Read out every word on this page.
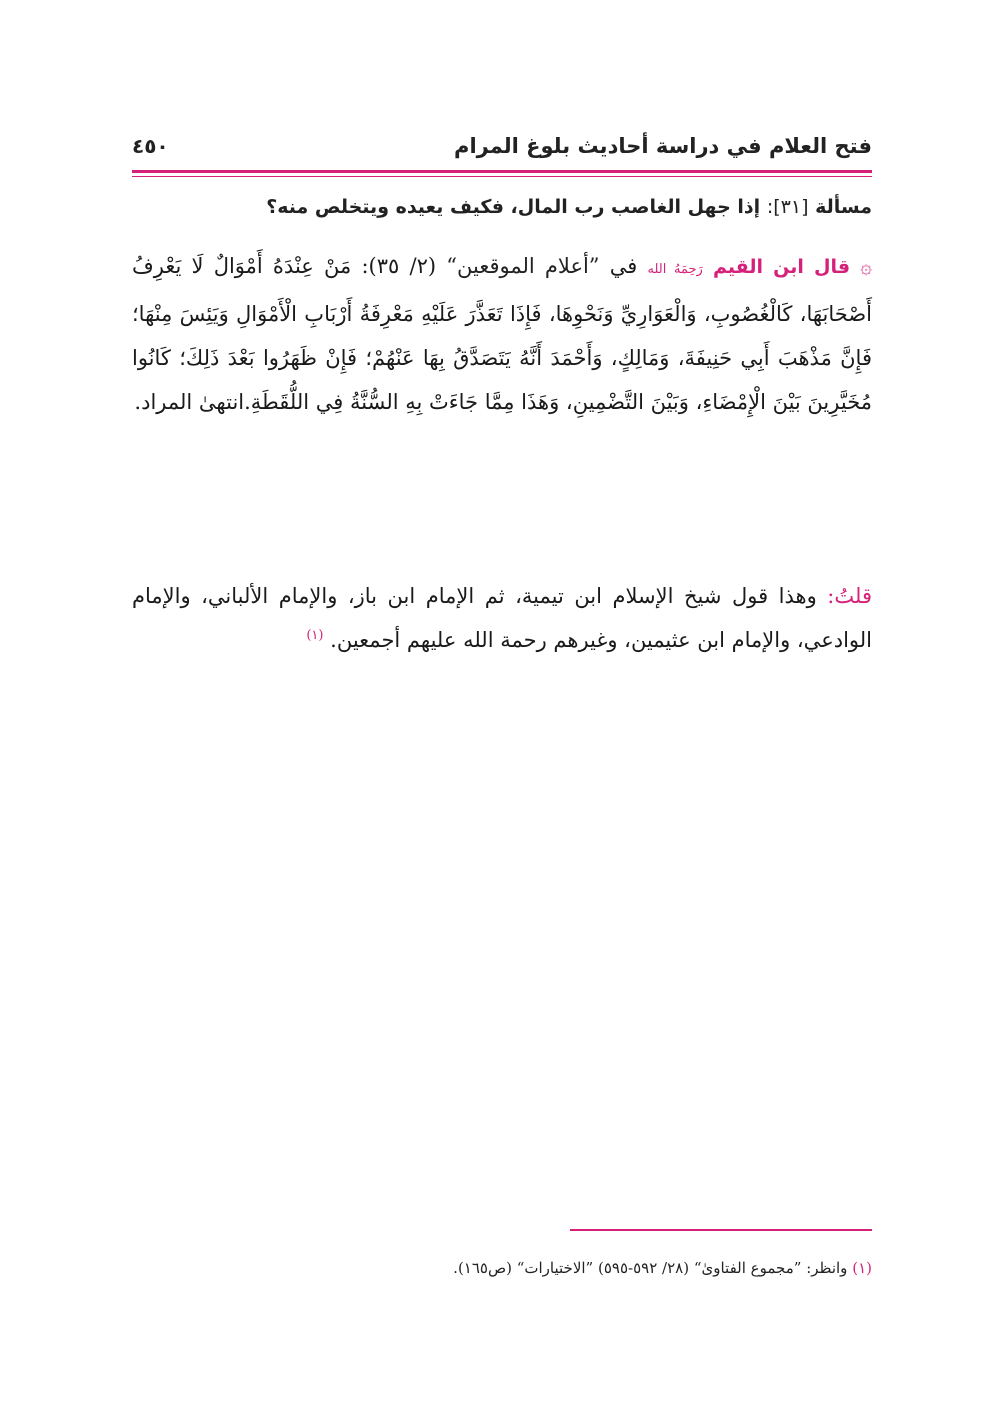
فتح العلام في دراسة أحاديث بلوغ المرام
٤٥٠
مسألة [٣١]: إذا جهل الغاصب رب المال، فكيف يعيده ويتخلص منه؟
۞ قال ابن القيم رَحِمَهُ الله في ”أعلام الموقعين“ (٢/ ٣٥): مَنْ عِنْدَهُ أَمْوَالٌ لَا يَعْرِفُ أَصْحَابَهَا، كَالْغُصُوبِ، وَالْعَوَارِيِّ وَنَحْوِهَا، فَإِذَا تَعَذَّرَ عَلَيْهِ مَعْرِفَةُ أَرْبَابِ الْأَمْوَالِ وَيَئِسَ مِنْهَا؛ فَإِنَّ مَذْهَبَ أَبِي حَنِيفَةَ، وَمَالِكٍ، وَأَحْمَدَ أَنَّهُ يَتَصَدَّقُ بِهَا عَنْهُمْ؛ فَإِنْ ظَهَرُوا بَعْدَ ذَلِكَ؛ كَانُوا مُخَيَّرِينَ بَيْنَ الْإِمْضَاءِ، وَبَيْنَ التَّضْمِينِ، وَهَذَا مِمَّا جَاءَتْ بِهِ السُّنَّةُ فِي اللُّقَطَةِ.انتهىٰ المراد.
قلتُ: وهذا قول شيخ الإسلام ابن تيمية، ثم الإمام ابن باز، والإمام الألباني، والإمام الوادعي، والإمام ابن عثيمين، وغيرهم رحمة الله عليهم أجمعين. $^{(١)}$
(١) وانظر: ”مجموع الفتاوىٰ“ (٢٨/ ٥٩٢-٥٩٥) ”الاختيارات“ (ص١٦٥).
